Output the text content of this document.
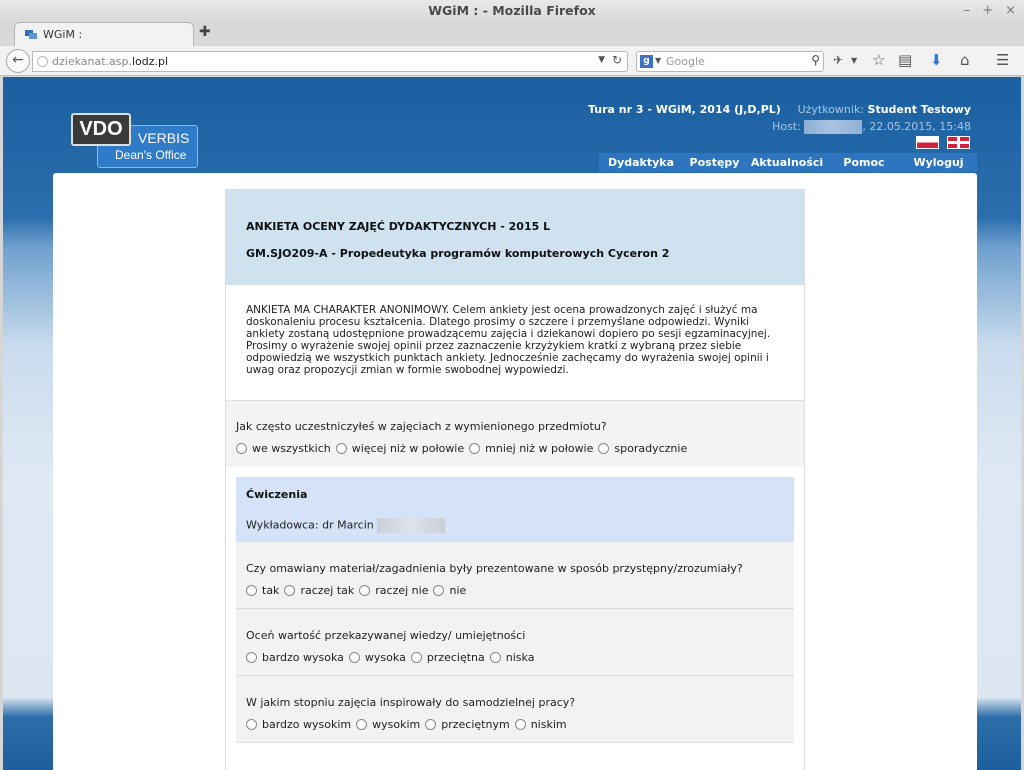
WGiM : - Mozilla Firefox	– + ×
WGiM :	✚
←	dziekanat.asp.lodz.pl	▼ ↻	g ▼ Google	⚲ ✈ ▼ ☆ ▤ ⬇ ⌂ ☰
VDO	VERBIS
Dean's Office
Tura nr 3 - WGiM, 2014 (J,D,PL) Użytkownik: Student Testowy
Host:	, 22.05.2015, 15:48
Dydaktyka	Postępy	Aktualności	Pomoc	Wyloguj
ANKIETA OCENY ZAJĘĆ DYDAKTYCZNYCH - 2015 L
GM.SJO209-A - Propedeutyka programów komputerowych Cyceron 2
ANKIETA MA CHARAKTER ANONIMOWY. Celem ankiety jest ocena prowadzonych zajęć i służyć ma doskonaleniu procesu kształcenia. Dlatego prosimy o szczere i przemyślane odpowiedzi. Wyniki ankiety zostaną udostępnione prowadzącemu zajęcia i dziekanowi dopiero po sesji egzaminacyjnej. Prosimy o wyrażenie swojej opinii przez zaznaczenie krzyżykiem kratki z wybraną przez siebie odpowiedzią we wszystkich punktach ankiety. Jednocześnie zachęcamy do wyrażenia swojej opinii i uwag oraz propozycji zmian w formie swobodnej wypowiedzi.
Jak często uczestniczyłeś w zajęciach z wymienionego przedmiotu?
we wszystkich więcej niż w połowie mniej niż w połowie sporadycznie
Ćwiczenia
Wykładowca: dr Marcin
Czy omawiany materiał/zagadnienia były prezentowane w sposób przystępny/zrozumiały?
tak raczej tak raczej nie nie
Oceń wartość przekazywanej wiedzy/ umiejętności
bardzo wysoka wysoka przeciętna niska
W jakim stopniu zajęcia inspirowały do samodzielnej pracy?
bardzo wysokim wysokim przeciętnym niskim
